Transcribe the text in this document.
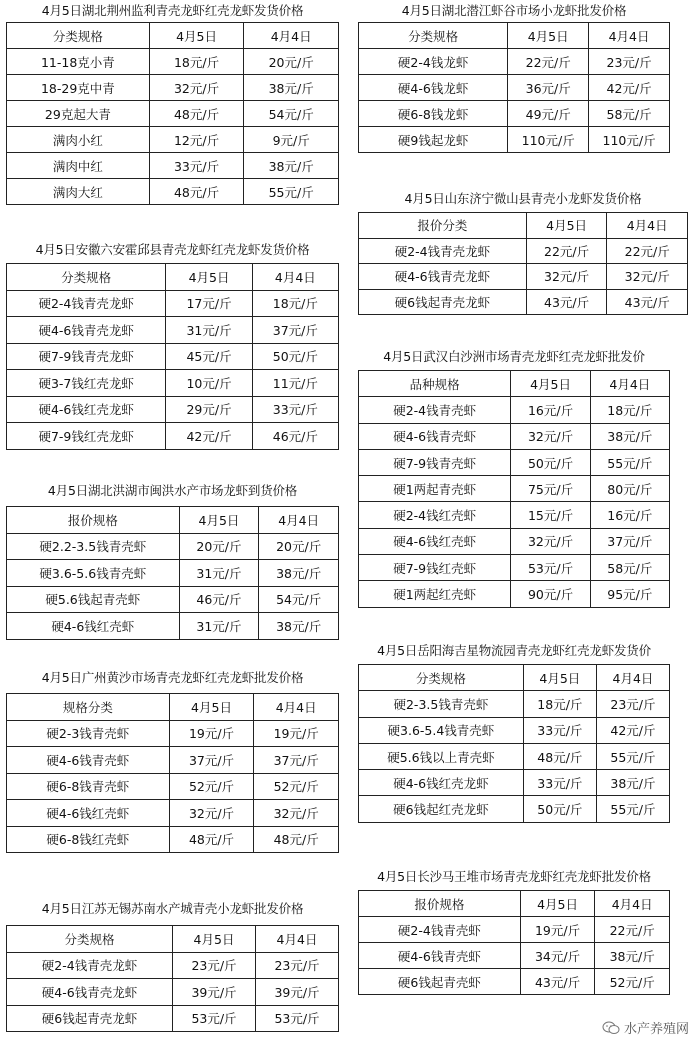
4月5日湖北荆州监利青壳龙虾红壳龙虾发货价格
分类规格	4月5日	4月4日
11-18克小青	18元/斤	20元/斤
18-29克中青	32元/斤	38元/斤
29克起大青	48元/斤	54元/斤
满肉小红	12元/斤	9元/斤
满肉中红	33元/斤	38元/斤
满肉大红	48元/斤	55元/斤
4月5日安徽六安霍邱县青壳龙虾红壳龙虾发货价格
分类规格	4月5日	4月4日
硬2-4钱青壳龙虾	17元/斤	18元/斤
硬4-6钱青壳龙虾	31元/斤	37元/斤
硬7-9钱青壳龙虾	45元/斤	50元/斤
硬3-7钱红壳龙虾	10元/斤	11元/斤
硬4-6钱红壳龙虾	29元/斤	33元/斤
硬7-9钱红壳龙虾	42元/斤	46元/斤
4月5日湖北洪湖市闽洪水产市场龙虾到货价格
报价规格	4月5日	4月4日
硬2.2-3.5钱青壳虾	20元/斤	20元/斤
硬3.6-5.6钱青壳虾	31元/斤	38元/斤
硬5.6钱起青壳虾	46元/斤	54元/斤
硬4-6钱红壳虾	31元/斤	38元/斤
4月5日广州黄沙市场青壳龙虾红壳龙虾批发价格
规格分类	4月5日	4月4日
硬2-3钱青壳虾	19元/斤	19元/斤
硬4-6钱青壳虾	37元/斤	37元/斤
硬6-8钱青壳虾	52元/斤	52元/斤
硬4-6钱红壳虾	32元/斤	32元/斤
硬6-8钱红壳虾	48元/斤	48元/斤
4月5日江苏无锡苏南水产城青壳小龙虾批发价格
分类规格	4月5日	4月4日
硬2-4钱青壳龙虾	23元/斤	23元/斤
硬4-6钱青壳龙虾	39元/斤	39元/斤
硬6钱起青壳龙虾	53元/斤	53元/斤
4月5日湖北潜江虾谷市场小龙虾批发价格
分类规格	4月5日	4月4日
硬2-4钱龙虾	22元/斤	23元/斤
硬4-6钱龙虾	36元/斤	42元/斤
硬6-8钱龙虾	49元/斤	58元/斤
硬9钱起龙虾	110元/斤	110元/斤
4月5日山东济宁微山县青壳小龙虾发货价格
报价分类	4月5日	4月4日
硬2-4钱青壳龙虾	22元/斤	22元/斤
硬4-6钱青壳龙虾	32元/斤	32元/斤
硬6钱起青壳龙虾	43元/斤	43元/斤
4月5日武汉白沙洲市场青壳龙虾红壳龙虾批发价
品种规格	4月5日	4月4日
硬2-4钱青壳虾	16元/斤	18元/斤
硬4-6钱青壳虾	32元/斤	38元/斤
硬7-9钱青壳虾	50元/斤	55元/斤
硬1两起青壳虾	75元/斤	80元/斤
硬2-4钱红壳虾	15元/斤	16元/斤
硬4-6钱红壳虾	32元/斤	37元/斤
硬7-9钱红壳虾	53元/斤	58元/斤
硬1两起红壳虾	90元/斤	95元/斤
4月5日岳阳海吉星物流园青壳龙虾红壳龙虾发货价
分类规格	4月5日	4月4日
硬2-3.5钱青壳虾	18元/斤	23元/斤
硬3.6-5.4钱青壳虾	33元/斤	42元/斤
硬5.6钱以上青壳虾	48元/斤	55元/斤
硬4-6钱红壳龙虾	33元/斤	38元/斤
硬6钱起红壳龙虾	50元/斤	55元/斤
4月5日长沙马王堆市场青壳龙虾红壳龙虾批发价格
报价规格	4月5日	4月4日
硬2-4钱青壳虾	19元/斤	22元/斤
硬4-6钱青壳虾	34元/斤	38元/斤
硬6钱起青壳虾	43元/斤	52元/斤
水产养殖网
